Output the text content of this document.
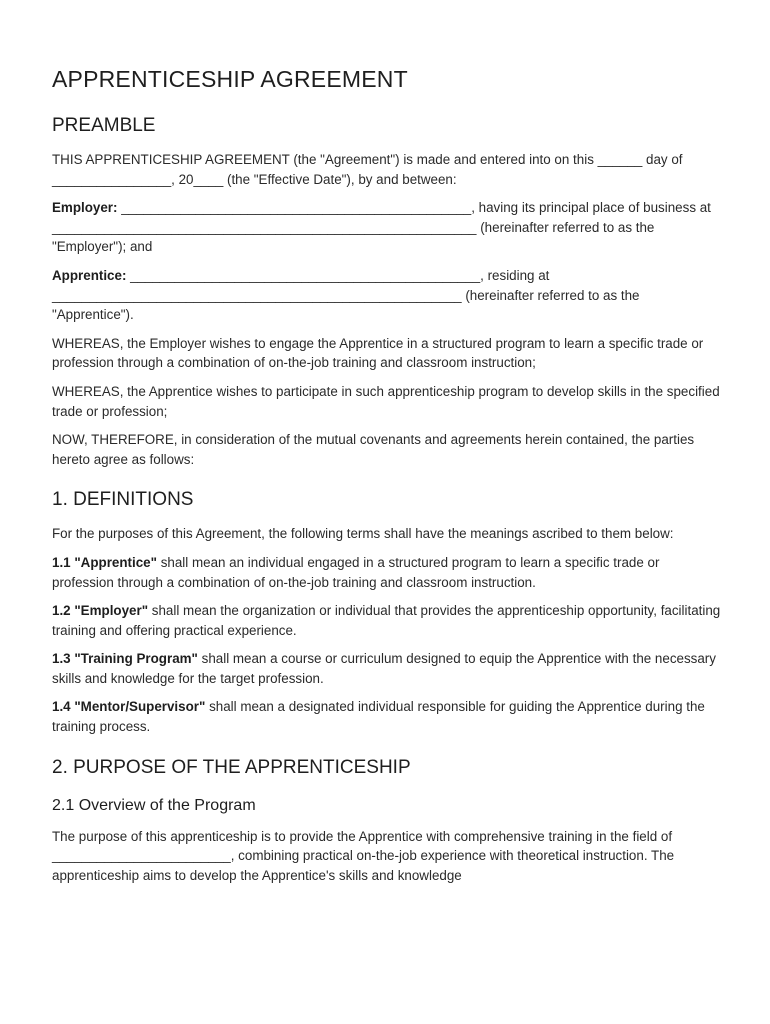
APPRENTICESHIP AGREEMENT
PREAMBLE

THIS APPRENTICESHIP AGREEMENT (the "Agreement") is made and entered into on this ______ day of ________________, 20____ (the "Effective Date"), by and between:

Employer: _______________________________________________, having its principal place of business at _________________________________________________________ (hereinafter referred to as the "Employer"); and

Apprentice: _______________________________________________, residing at _______________________________________________________ (hereinafter referred to as the "Apprentice").

WHEREAS, the Employer wishes to engage the Apprentice in a structured program to learn a specific trade or profession through a combination of on-the-job training and classroom instruction;

WHEREAS, the Apprentice wishes to participate in such apprenticeship program to develop skills in the specified trade or profession;

NOW, THEREFORE, in consideration of the mutual covenants and agreements herein contained, the parties hereto agree as follows:

1. DEFINITIONS

For the purposes of this Agreement, the following terms shall have the meanings ascribed to them below:

1.1 "Apprentice" shall mean an individual engaged in a structured program to learn a specific trade or profession through a combination of on-the-job training and classroom instruction.

1.2 "Employer" shall mean the organization or individual that provides the apprenticeship opportunity, facilitating training and offering practical experience.

1.3 "Training Program" shall mean a course or curriculum designed to equip the Apprentice with the necessary skills and knowledge for the target profession.

1.4 "Mentor/Supervisor" shall mean a designated individual responsible for guiding the Apprentice during the training process.

2. PURPOSE OF THE APPRENTICESHIP
2.1 Overview of the Program

The purpose of this apprenticeship is to provide the Apprentice with comprehensive training in the field of ________________________, combining practical on-the-job experience with theoretical instruction. The apprenticeship aims to develop the Apprentice's skills and knowledge
